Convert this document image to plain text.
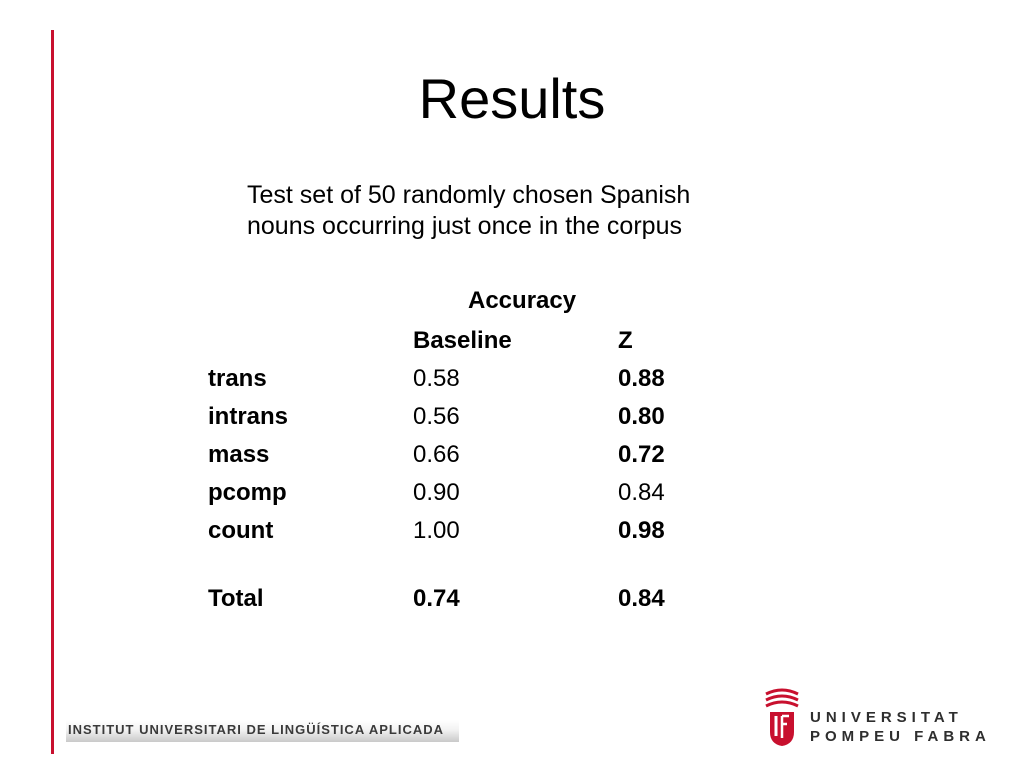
Results
Test set of 50 randomly chosen Spanish
nouns occurring just once in the corpus
Accuracy
	Baseline	Z
trans	0.58	0.88
intrans	0.56	0.80
mass	0.66	0.72
pcomp	0.90	0.84
count	1.00	0.98

Total	0.74	0.84
INSTITUT UNIVERSITARI DE LINGÜÍSTICA APLICADA
UNIVERSITAT
POMPEU FABRA
